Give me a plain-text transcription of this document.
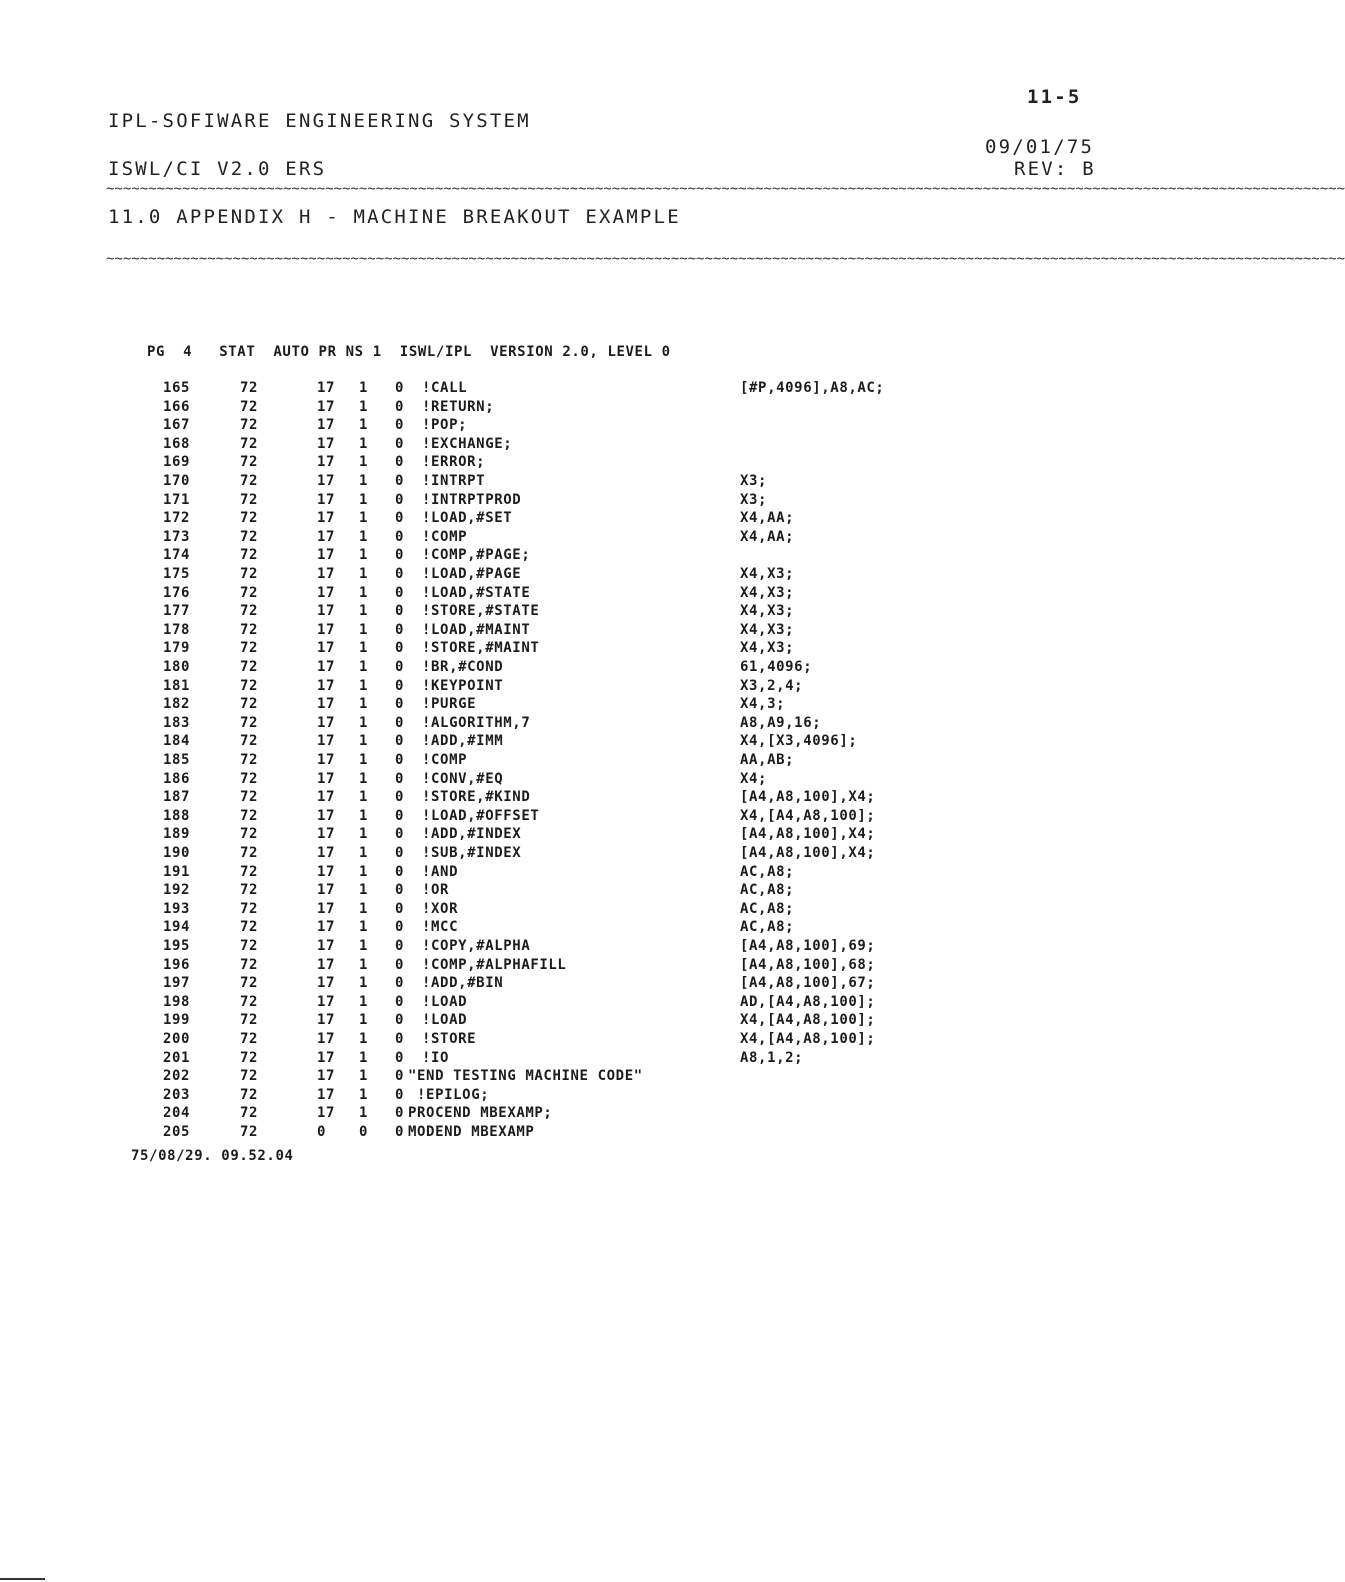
11-5
IPL-SOFIWARE ENGINEERING SYSTEM
09/01/75
ISWL/CI V2.0 ERS	REV: B
~~~~~~~~~~~~~~~~~~~~~~~~~~~~~~~~~~~~~~~~~~~~~~~~~~~~~~~~~~~~~~~~~~~~~~~~~~~~~~~~~~~~~~~~~~~~~~~~~~~~~~~~~~~~~~~~~~~~~~~~~~~~~~~~~~~~~~~~~~~~~~~~~~~
11.0 APPENDIX H - MACHINE BREAKOUT EXAMPLE
~~~~~~~~~~~~~~~~~~~~~~~~~~~~~~~~~~~~~~~~~~~~~~~~~~~~~~~~~~~~~~~~~~~~~~~~~~~~~~~~~~~~~~~~~~~~~~~~~~~~~~~~~~~~~~~~~~~~~~~~~~~~~~~~~~~~~~~~~~~~~~~~~~~
PG  4   STAT  AUTO PR NS 1  ISWL/IPL  VERSION 2.0, LEVEL 0
165	72	17 1 0 !CALL	[#P,4096],A8,AC;
166	72	17 1 0 !RETURN;
167	72	17 1 0 !POP;
168	72	17 1 0 !EXCHANGE;
169	72	17 1 0 !ERROR;
170	72	17 1 0 !INTRPT	X3;
171	72	17 1 0 !INTRPTPROD	X3;
172	72	17 1 0 !LOAD,#SET	X4,AA;
173	72	17 1 0 !COMP	X4,AA;
174	72	17 1 0 !COMP,#PAGE;
175	72	17 1 0 !LOAD,#PAGE	X4,X3;
176	72	17 1 0 !LOAD,#STATE	X4,X3;
177	72	17 1 0 !STORE,#STATE	X4,X3;
178	72	17 1 0 !LOAD,#MAINT	X4,X3;
179	72	17 1 0 !STORE,#MAINT	X4,X3;
180	72	17 1 0 !BR,#COND	61,4096;
181	72	17 1 0 !KEYPOINT	X3,2,4;
182	72	17 1 0 !PURGE	X4,3;
183	72	17 1 0 !ALGORITHM,7	A8,A9,16;
184	72	17 1 0 !ADD,#IMM	X4,[X3,4096];
185	72	17 1 0 !COMP	AA,AB;
186	72	17 1 0 !CONV,#EQ	X4;
187	72	17 1 0 !STORE,#KIND	[A4,A8,100],X4;
188	72	17 1 0 !LOAD,#OFFSET	X4,[A4,A8,100];
189	72	17 1 0 !ADD,#INDEX	[A4,A8,100],X4;
190	72	17 1 0 !SUB,#INDEX	[A4,A8,100],X4;
191	72	17 1 0 !AND	AC,A8;
192	72	17 1 0 !OR	AC,A8;
193	72	17 1 0 !XOR	AC,A8;
194	72	17 1 0 !MCC	AC,A8;
195	72	17 1 0 !COPY,#ALPHA	[A4,A8,100],69;
196	72	17 1 0 !COMP,#ALPHAFILL	[A4,A8,100],68;
197	72	17 1 0 !ADD,#BIN	[A4,A8,100],67;
198	72	17 1 0 !LOAD	AD,[A4,A8,100];
199	72	17 1 0 !LOAD	X4,[A4,A8,100];
200	72	17 1 0 !STORE	X4,[A4,A8,100];
201	72	17 1 0 !IO	A8,1,2;
202	72	17 1 0 "END TESTING MACHINE CODE"
203	72	17 1 0 !EPILOG;
204	72	17 1 0 PROCEND MBEXAMP;
205	72	0 0 0 MODEND MBEXAMP
75/08/29. 09.52.04
